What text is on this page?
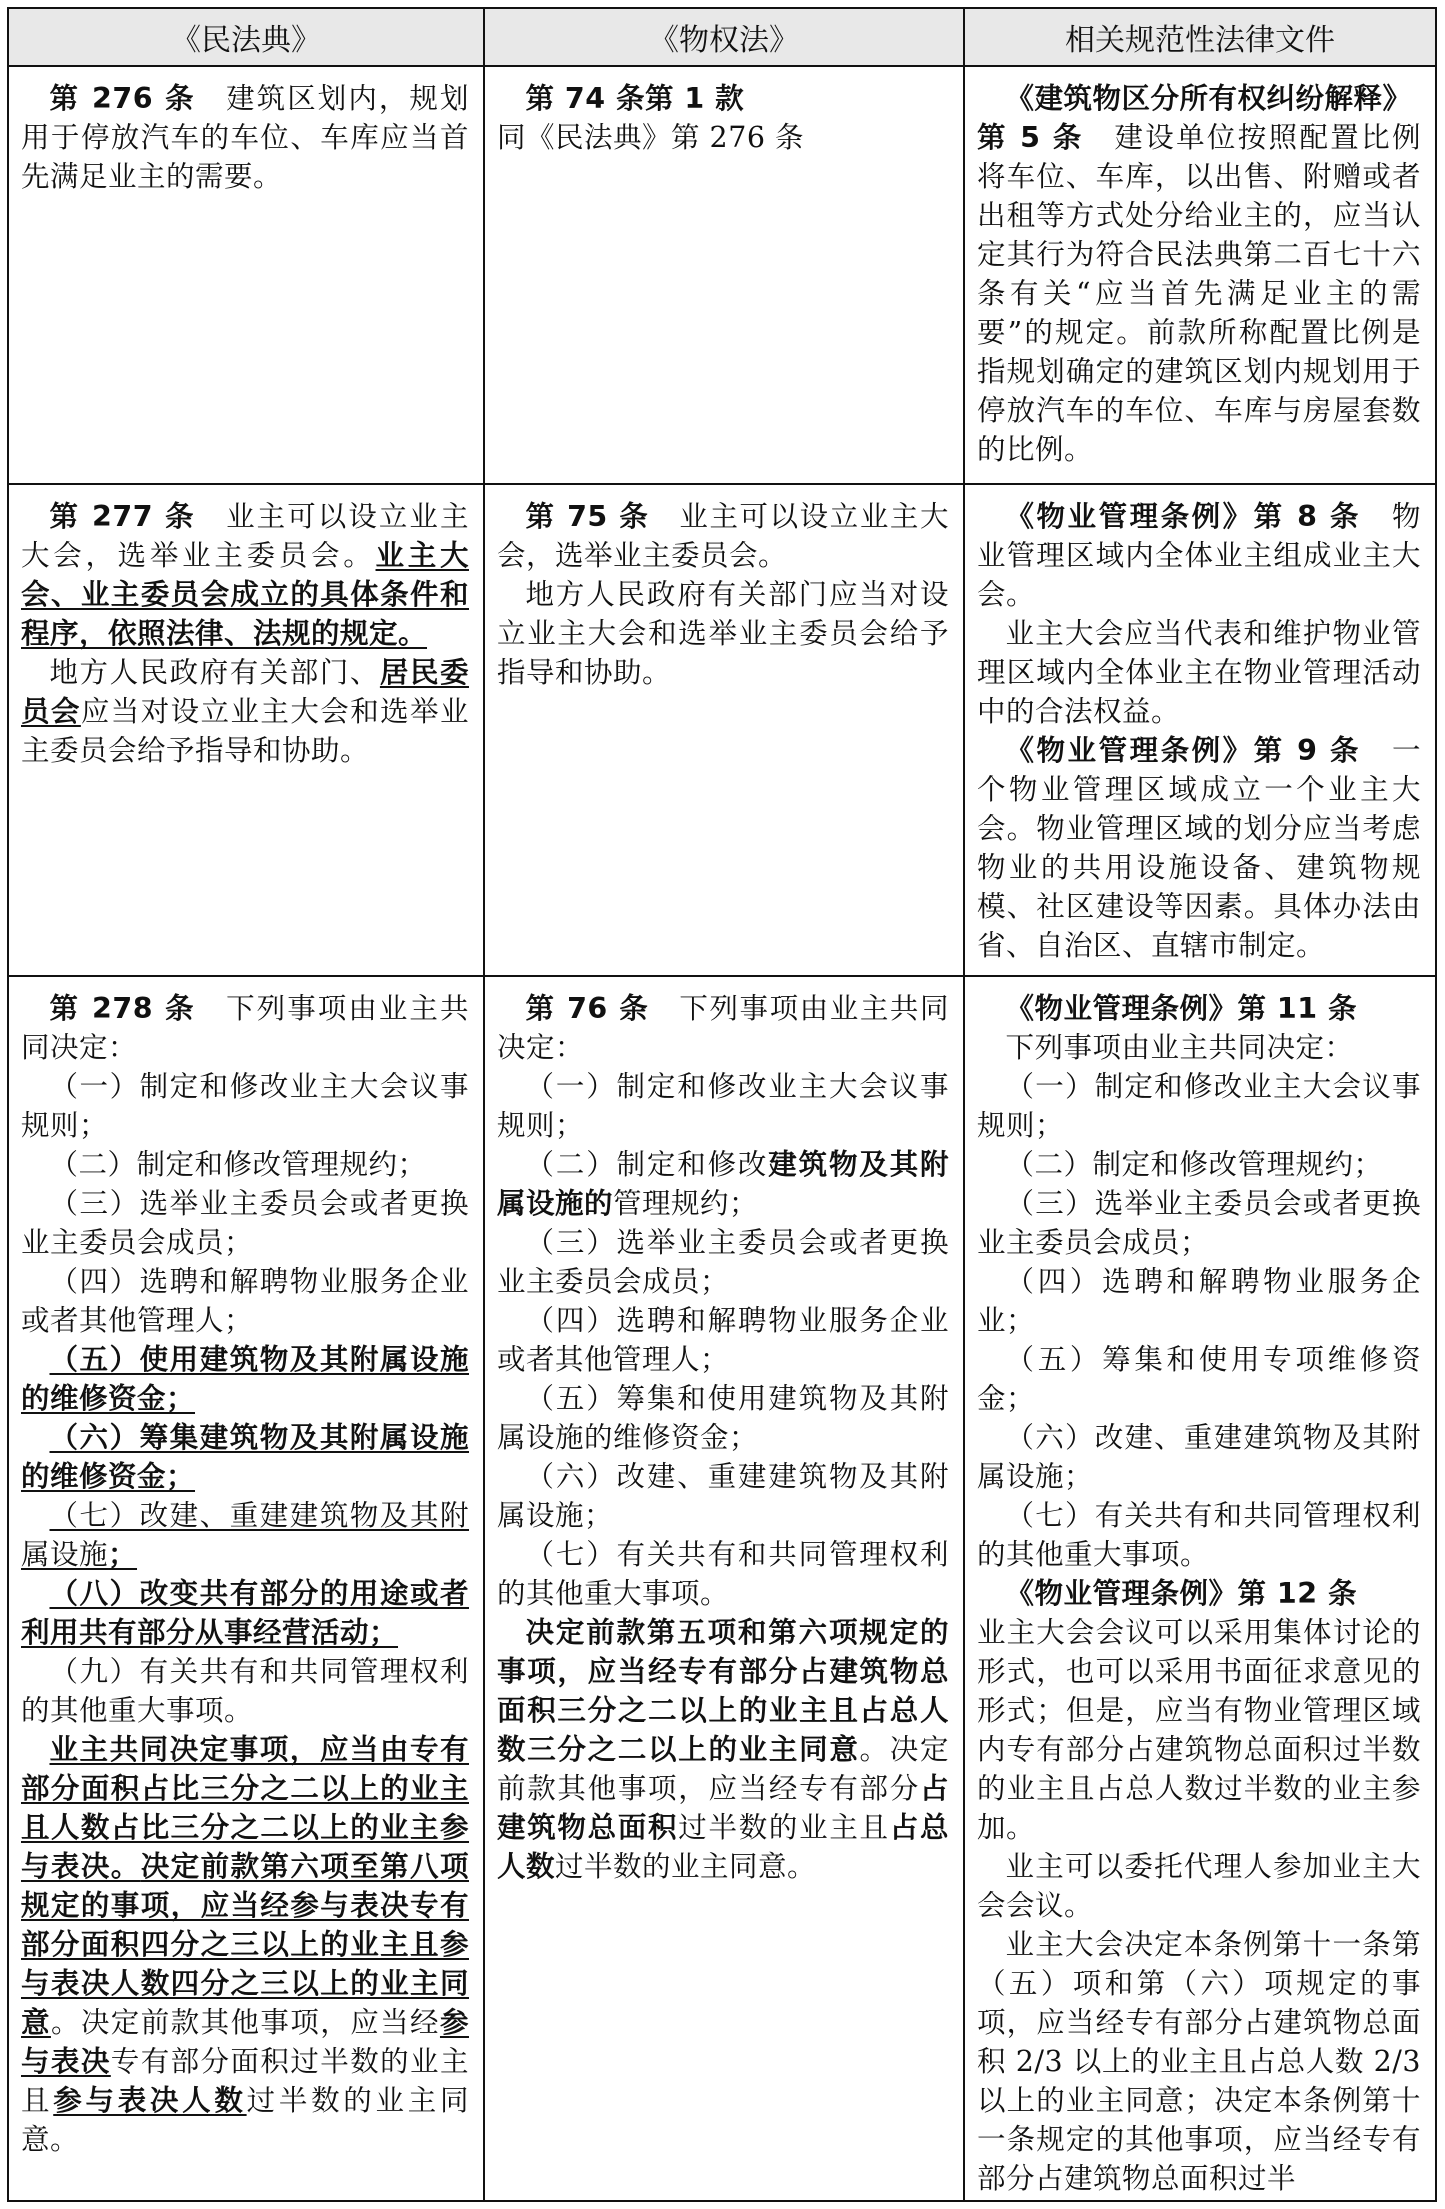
《民法典》	《物权法》	相关规范性法律文件

第 276 条  建筑区划内，规划用于停放汽车的车位、车库应当首先满足业主的需要。

第 74 条第 1 款

同《民法典》第 276 条

《建筑物区分所有权纠纷解释》

第 5 条  建设单位按照配置比例将车位、车库，以出售、附赠或者出租等方式处分给业主的，应当认定其行为符合民法典第二百七十六条有关“应当首先满足业主的需要”的规定。前款所称配置比例是指规划确定的建筑区划内规划用于停放汽车的车位、车库与房屋套数的比例。

第 277 条  业主可以设立业主大会，选举业主委员会。业主大会、业主委员会成立的具体条件和程序，依照法律、法规的规定。

地方人民政府有关部门、居民委员会应当对设立业主大会和选举业主委员会给予指导和协助。

第 75 条  业主可以设立业主大会，选举业主委员会。

地方人民政府有关部门应当对设立业主大会和选举业主委员会给予指导和协助。

《物业管理条例》第 8 条  物业管理区域内全体业主组成业主大会。

业主大会应当代表和维护物业管理区域内全体业主在物业管理活动中的合法权益。

《物业管理条例》第 9 条  一个物业管理区域成立一个业主大会。物业管理区域的划分应当考虑物业的共用设施设备、建筑物规模、社区建设等因素。具体办法由省、自治区、直辖市制定。

第 278 条  下列事项由业主共同决定：

（一）制定和修改业主大会议事规则；

（二）制定和修改管理规约；

（三）选举业主委员会或者更换业主委员会成员；

（四）选聘和解聘物业服务企业或者其他管理人；

（五）使用建筑物及其附属设施的维修资金；

（六）筹集建筑物及其附属设施的维修资金；

（七）改建、重建建筑物及其附属设施；

（八）改变共有部分的用途或者利用共有部分从事经营活动；

（九）有关共有和共同管理权利的其他重大事项。

业主共同决定事项，应当由专有部分面积占比三分之二以上的业主且人数占比三分之二以上的业主参与表决。决定前款第六项至第八项规定的事项，应当经参与表决专有部分面积四分之三以上的业主且参与表决人数四分之三以上的业主同意。决定前款其他事项，应当经参与表决专有部分面积过半数的业主且参与表决人数过半数的业主同意。

第 76 条  下列事项由业主共同决定：

（一）制定和修改业主大会议事规则；

（二）制定和修改建筑物及其附属设施的管理规约；

（三）选举业主委员会或者更换业主委员会成员；

（四）选聘和解聘物业服务企业或者其他管理人；

（五）筹集和使用建筑物及其附属设施的维修资金；

（六）改建、重建建筑物及其附属设施；

（七）有关共有和共同管理权利的其他重大事项。

决定前款第五项和第六项规定的事项，应当经专有部分占建筑物总面积三分之二以上的业主且占总人数三分之二以上的业主同意。决定前款其他事项，应当经专有部分占建筑物总面积过半数的业主且占总人数过半数的业主同意。

《物业管理条例》第 11 条

下列事项由业主共同决定：

（一）制定和修改业主大会议事规则；

（二）制定和修改管理规约；

（三）选举业主委员会或者更换业主委员会成员；

（四）选聘和解聘物业服务企业；

（五）筹集和使用专项维修资金；

（六）改建、重建建筑物及其附属设施；

（七）有关共有和共同管理权利的其他重大事项。

《物业管理条例》第 12 条

业主大会会议可以采用集体讨论的形式，也可以采用书面征求意见的形式；但是，应当有物业管理区域内专有部分占建筑物总面积过半数的业主且占总人数过半数的业主参加。

业主可以委托代理人参加业主大会会议。

业主大会决定本条例第十一条第（五）项和第（六）项规定的事项，应当经专有部分占建筑物总面积 2/3 以上的业主且占总人数 2/3 以上的业主同意；决定本条例第十一条规定的其他事项，应当经专有部分占建筑物总面积过半
